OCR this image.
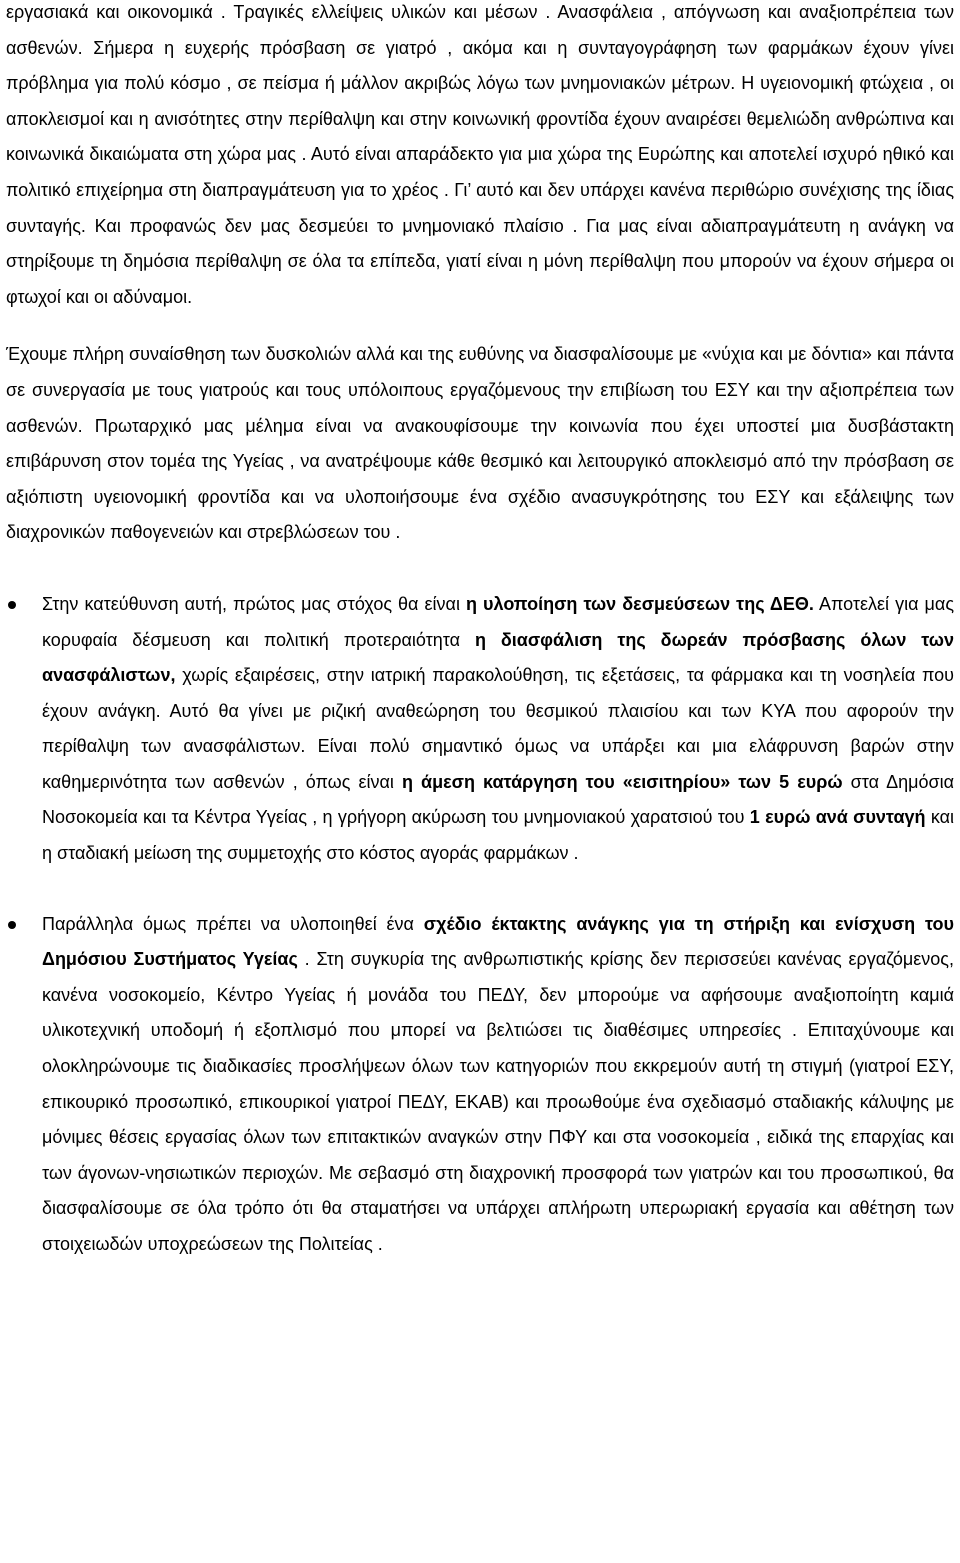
εργασιακά και οικονομικά . Τραγικές ελλείψεις υλικών και μέσων . Ανασφάλεια , απόγνωση και αναξιοπρέπεια των ασθενών. Σήμερα η ευχερής πρόσβαση σε γιατρό , ακόμα και η συνταγογράφηση των φαρμάκων έχουν γίνει πρόβλημα για πολύ κόσμο , σε πείσμα ή μάλλον ακριβώς λόγω των μνημονιακών μέτρων. Η υγειονομική φτώχεια , οι αποκλεισμοί και η ανισότητες στην περίθαλψη και στην κοινωνική φροντίδα έχουν αναιρέσει θεμελιώδη ανθρώπινα και κοινωνικά δικαιώματα στη χώρα μας . Αυτό είναι απαράδεκτο για μια χώρα της Ευρώπης και αποτελεί ισχυρό ηθικό και πολιτικό επιχείρημα στη διαπραγμάτευση για το χρέος . Γι’ αυτό και δεν υπάρχει κανένα περιθώριο συνέχισης της ίδιας συνταγής. Και προφανώς δεν μας δεσμεύει το μνημονιακό πλαίσιο . Για μας είναι αδιαπραγμάτευτη η ανάγκη να στηρίξουμε τη δημόσια περίθαλψη σε όλα τα επίπεδα, γιατί είναι η μόνη περίθαλψη που μπορούν να έχουν σήμερα οι φτωχοί και οι αδύναμοι.

Έχουμε πλήρη συναίσθηση των δυσκολιών αλλά και της ευθύνης να διασφαλίσουμε με «νύχια και με δόντια» και πάντα σε συνεργασία με τους γιατρούς και τους υπόλοιπους εργαζόμενους την επιβίωση του ΕΣΥ και την αξιοπρέπεια των ασθενών. Πρωταρχικό μας μέλημα είναι να ανακουφίσουμε την κοινωνία που έχει υποστεί μια δυσβάστακτη επιβάρυνση στον τομέα της Υγείας , να ανατρέψουμε κάθε θεσμικό και λειτουργικό αποκλεισμό από την πρόσβαση σε αξιόπιστη υγειονομική φροντίδα και να υλοποιήσουμε ένα σχέδιο ανασυγκρότησης του ΕΣΥ και εξάλειψης των διαχρονικών παθογενειών και στρεβλώσεων του .

Στην κατεύθυνση αυτή, πρώτος μας στόχος θα είναι η υλοποίηση των δεσμεύσεων της ΔΕΘ. Αποτελεί για μας κορυφαία δέσμευση και πολιτική προτεραιότητα η διασφάλιση της δωρεάν πρόσβασης όλων των ανασφάλιστων, χωρίς εξαιρέσεις, στην ιατρική παρακολούθηση, τις εξετάσεις, τα φάρμακα και τη νοσηλεία που έχουν ανάγκη. Αυτό θα γίνει με ριζική αναθεώρηση του θεσμικού πλαισίου και των ΚΥΑ που αφορούν την περίθαλψη των ανασφάλιστων. Είναι πολύ σημαντικό όμως να υπάρξει και μια ελάφρυνση βαρών στην καθημερινότητα των ασθενών , όπως είναι η άμεση κατάργηση του «εισιτηρίου» των 5 ευρώ στα Δημόσια Νοσοκομεία και τα Κέντρα Υγείας , η γρήγορη ακύρωση του μνημονιακού χαρατσιού του 1 ευρώ ανά συνταγή και η σταδιακή μείωση της συμμετοχής στο κόστος αγοράς φαρμάκων .
Παράλληλα όμως πρέπει να υλοποιηθεί ένα σχέδιο έκτακτης ανάγκης για τη στήριξη και ενίσχυση του Δημόσιου Συστήματος Υγείας . Στη συγκυρία της ανθρωπιστικής κρίσης δεν περισσεύει κανένας εργαζόμενος, κανένα νοσοκομείο, Κέντρο Υγείας ή μονάδα του ΠΕΔΥ, δεν μπορούμε να αφήσουμε αναξιοποίητη καμιά υλικοτεχνική υποδομή ή εξοπλισμό που μπορεί να βελτιώσει τις διαθέσιμες υπηρεσίες . Επιταχύνουμε και ολοκληρώνουμε τις διαδικασίες προσλήψεων όλων των κατηγοριών που εκκρεμούν αυτή τη στιγμή (γιατροί ΕΣΥ, επικουρικό προσωπικό, επικουρικοί γιατροί ΠΕΔΥ, ΕΚΑΒ) και προωθούμε ένα σχεδιασμό σταδιακής κάλυψης με μόνιμες θέσεις εργασίας όλων των επιτακτικών αναγκών στην ΠΦΥ και στα νοσοκομεία , ειδικά της επαρχίας και των άγονων-νησιωτικών περιοχών. Με σεβασμό στη διαχρονική προσφορά των γιατρών και του προσωπικού, θα διασφαλίσουμε σε όλα τρόπο ότι θα σταματήσει να υπάρχει απλήρωτη υπερωριακή εργασία και αθέτηση των στοιχειωδών υποχρεώσεων της Πολιτείας .
